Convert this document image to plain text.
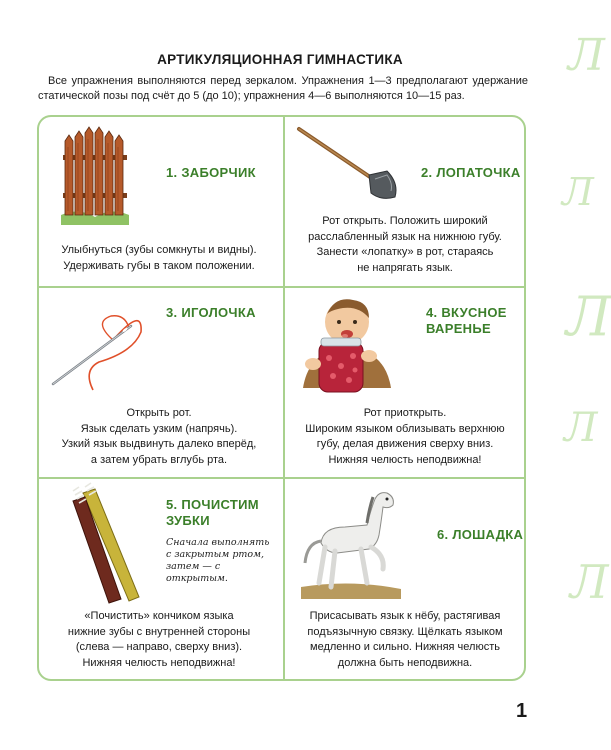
Л
Л
Л
Л
Л
АРТИКУЛЯЦИОННАЯ ГИМНАСТИКА
Все упражнения выполняются перед зеркалом. Упражнения 1—3 предполагают удержание статической позы под счёт до 5 (до 10); упражнения 4—6 выполняются 10—15 раз.
1. ЗАБОРЧИК
Улыбнуться (зубы сомкнуты и видны).
Удерживать губы в таком положении.
2. ЛОПАТОЧКА
Рот открыть. Положить широкий
расслабленный язык на нижнюю губу.
Занести «лопатку» в рот, стараясь
не напрягать язык.
3. ИГОЛОЧКА
Открыть рот.
Язык сделать узким (напрячь).
Узкий язык выдвинуть далеко вперёд,
а затем убрать вглубь рта.
4. ВКУСНОЕ
ВАРЕНЬЕ
Рот приоткрыть.
Широким языком облизывать верхнюю
губу, делая движения сверху вниз.
Нижняя челюсть неподвижна!
5. ПОЧИСТИМ
ЗУБКИ
Сначала выполнять
с закрытым ртом,
затем — с открытым.
«Почистить» кончиком языка
нижние зубы с внутренней стороны
(слева — направо, сверху вниз).
Нижняя челюсть неподвижна!
6. ЛОШАДКА
Присасывать язык к нёбу, растягивая
подъязычную связку. Щёлкать языком
медленно и сильно. Нижняя челюсть
должна быть неподвижна.
1
